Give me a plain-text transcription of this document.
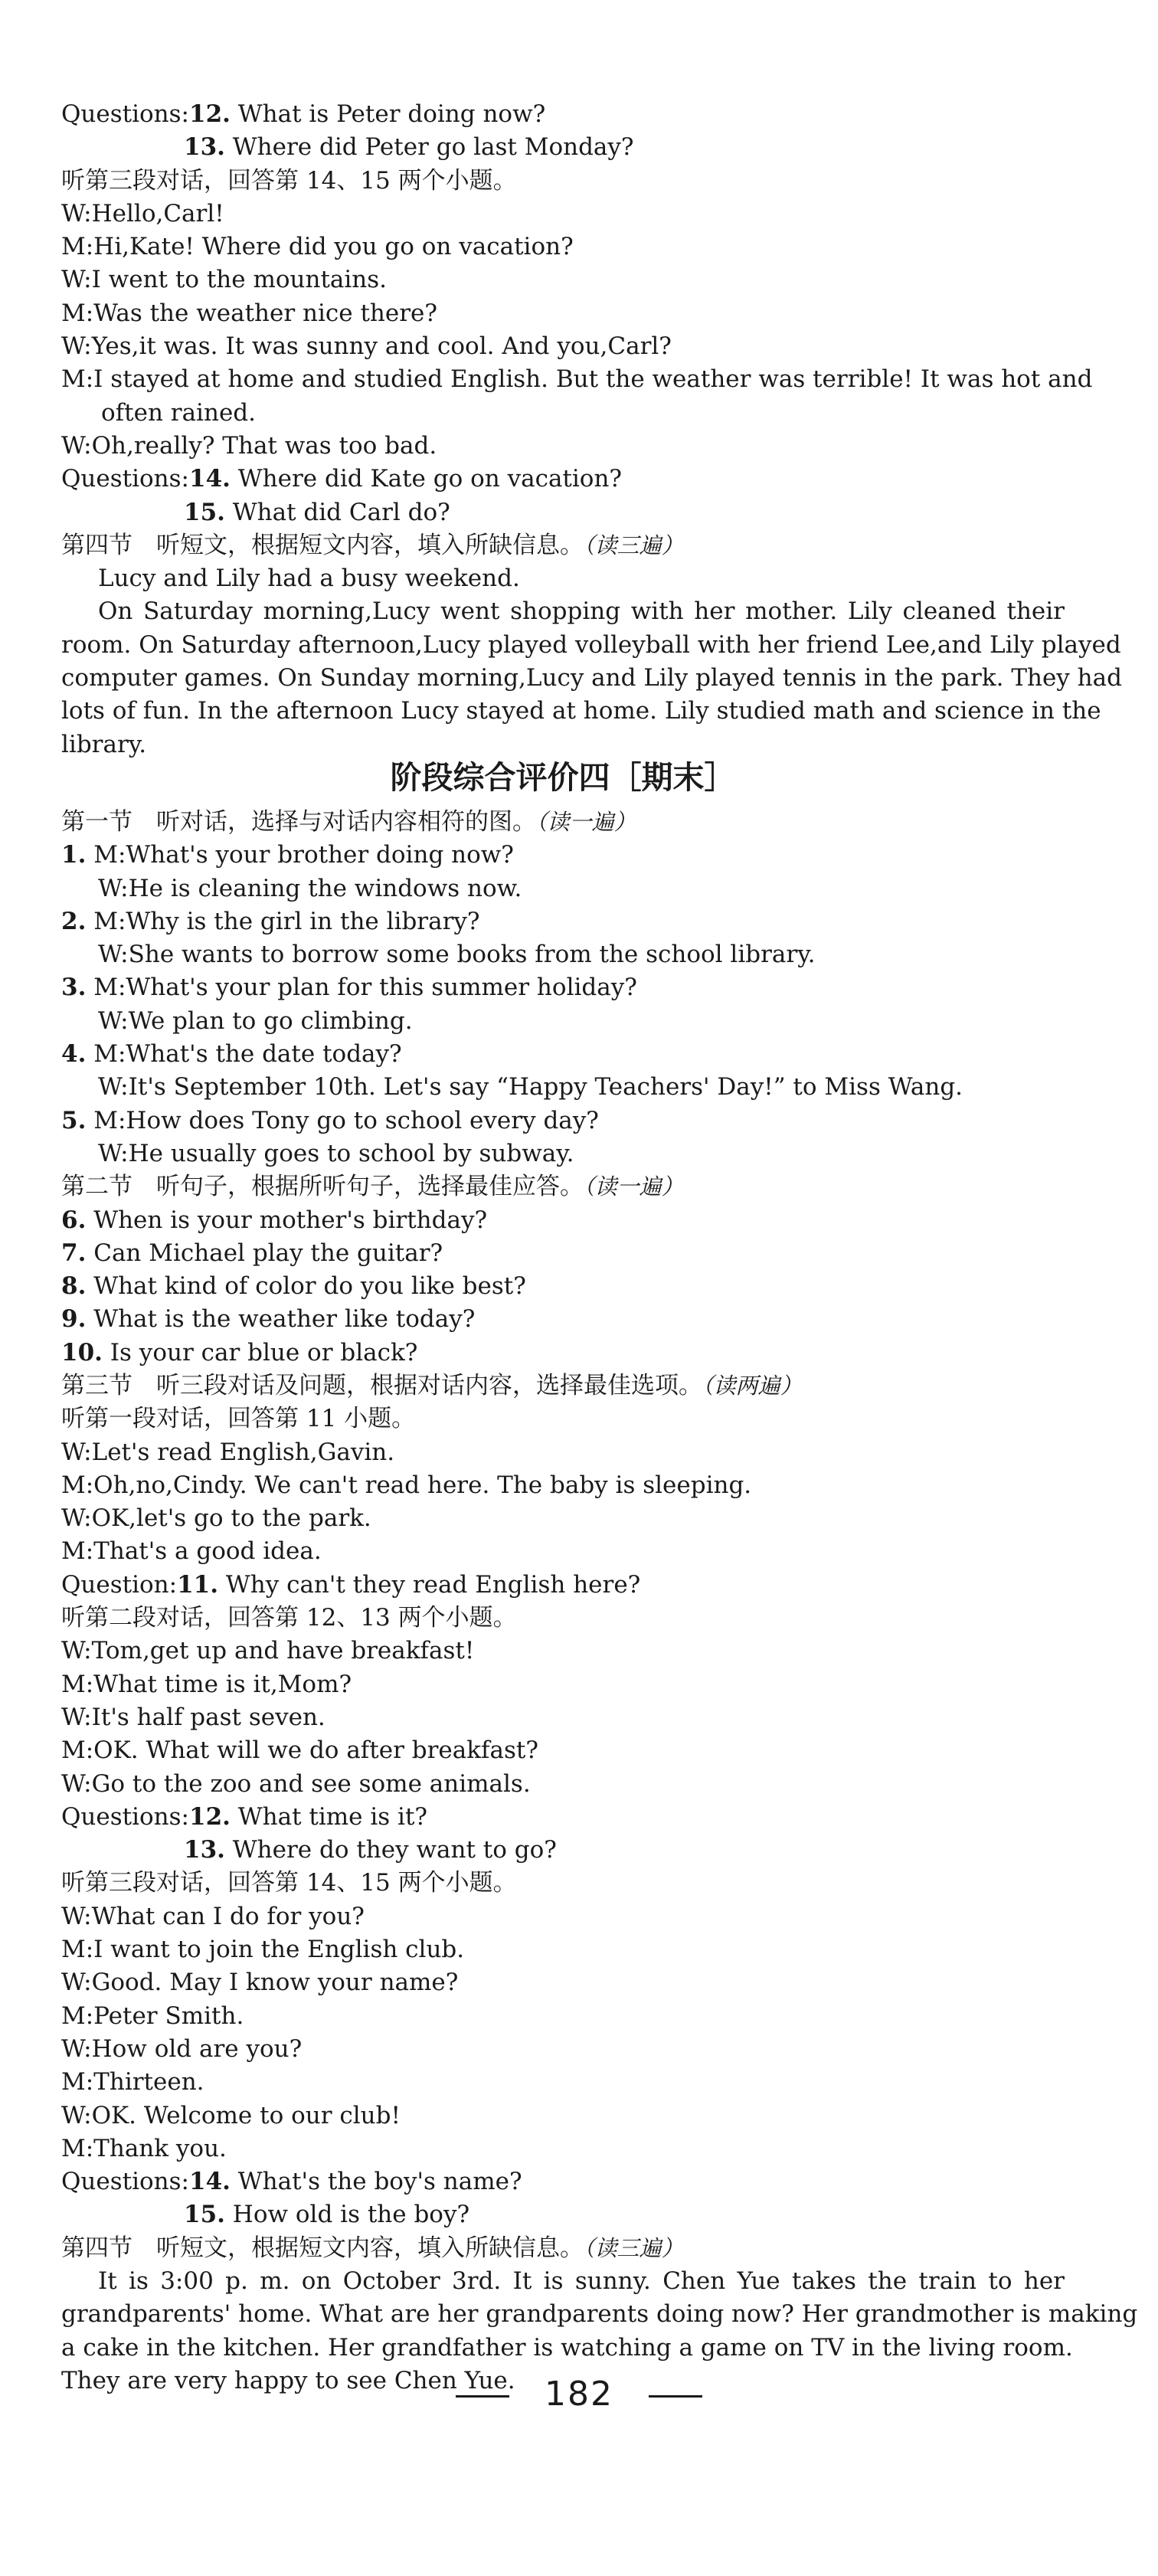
Questions:12. What is Peter doing now?
13. Where did Peter go last Monday?
听第三段对话，回答第 14、15 两个小题。
W:Hello,Carl!
M:Hi,Kate! Where did you go on vacation?
W:I went to the mountains.
M:Was the weather nice there?
W:Yes,it was. It was sunny and cool. And you,Carl?
M:I stayed at home and studied English. But the weather was terrible! It was hot and
often rained.
W:Oh,really? That was too bad.
Questions:14. Where did Kate go on vacation?
15. What did Carl do?
第四节　听短文，根据短文内容，填入所缺信息。（读三遍）
Lucy and Lily had a busy weekend.
On Saturday morning,Lucy went shopping with her mother. Lily cleaned their
room. On Saturday afternoon,Lucy played volleyball with her friend Lee,and Lily played
computer games. On Sunday morning,Lucy and Lily played tennis in the park. They had
lots of fun. In the afternoon Lucy stayed at home. Lily studied math and science in the
library.
阶段综合评价四［期末］
第一节　听对话，选择与对话内容相符的图。（读一遍）
1. M:What's your brother doing now?
W:He is cleaning the windows now.
2. M:Why is the girl in the library?
W:She wants to borrow some books from the school library.
3. M:What's your plan for this summer holiday?
W:We plan to go climbing.
4. M:What's the date today?
W:It's September 10th. Let's say “Happy Teachers' Day!” to Miss Wang.
5. M:How does Tony go to school every day?
W:He usually goes to school by subway.
第二节　听句子，根据所听句子，选择最佳应答。（读一遍）
6. When is your mother's birthday?
7. Can Michael play the guitar?
8. What kind of color do you like best?
9. What is the weather like today?
10. Is your car blue or black?
第三节　听三段对话及问题，根据对话内容，选择最佳选项。（读两遍）
听第一段对话，回答第 11 小题。
W:Let's read English,Gavin.
M:Oh,no,Cindy. We can't read here. The baby is sleeping.
W:OK,let's go to the park.
M:That's a good idea.
Question:11. Why can't they read English here?
听第二段对话，回答第 12、13 两个小题。
W:Tom,get up and have breakfast!
M:What time is it,Mom?
W:It's half past seven.
M:OK. What will we do after breakfast?
W:Go to the zoo and see some animals.
Questions:12. What time is it?
13. Where do they want to go?
听第三段对话，回答第 14、15 两个小题。
W:What can I do for you?
M:I want to join the English club.
W:Good. May I know your name?
M:Peter Smith.
W:How old are you?
M:Thirteen.
W:OK. Welcome to our club!
M:Thank you.
Questions:14. What's the boy's name?
15. How old is the boy?
第四节　听短文，根据短文内容，填入所缺信息。（读三遍）
It is 3:00 p. m. on October 3rd. It is sunny. Chen Yue takes the train to her
grandparents' home. What are her grandparents doing now? Her grandmother is making
a cake in the kitchen. Her grandfather is watching a game on TV in the living room.
They are very happy to see Chen Yue. 182
